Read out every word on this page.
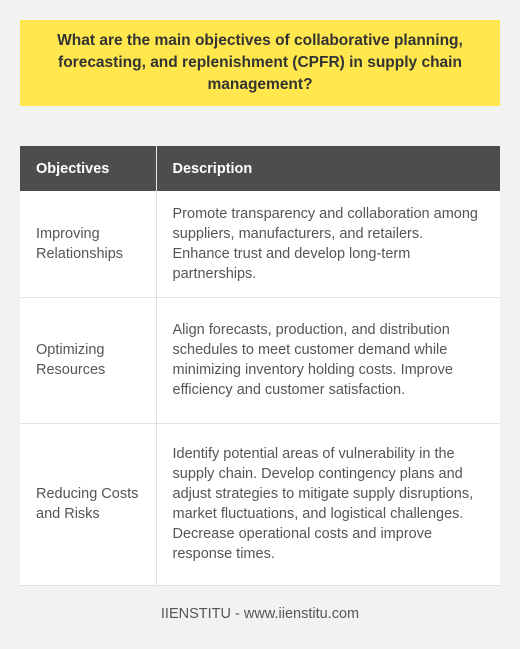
What are the main objectives of collaborative planning, forecasting, and replenishment (CPFR) in supply chain management?
Objectives	Description
Improving Relationships	Promote transparency and collaboration among suppliers, manufacturers, and retailers. Enhance trust and develop long-term partnerships.
Optimizing Resources	Align forecasts, production, and distribution schedules to meet customer demand while minimizing inventory holding costs. Improve efficiency and customer satisfaction.
Reducing Costs and Risks	Identify potential areas of vulnerability in the supply chain. Develop contingency plans and adjust strategies to mitigate supply disruptions, market fluctuations, and logistical challenges. Decrease operational costs and improve response times.
IIENSTITU - www.iienstitu.com
